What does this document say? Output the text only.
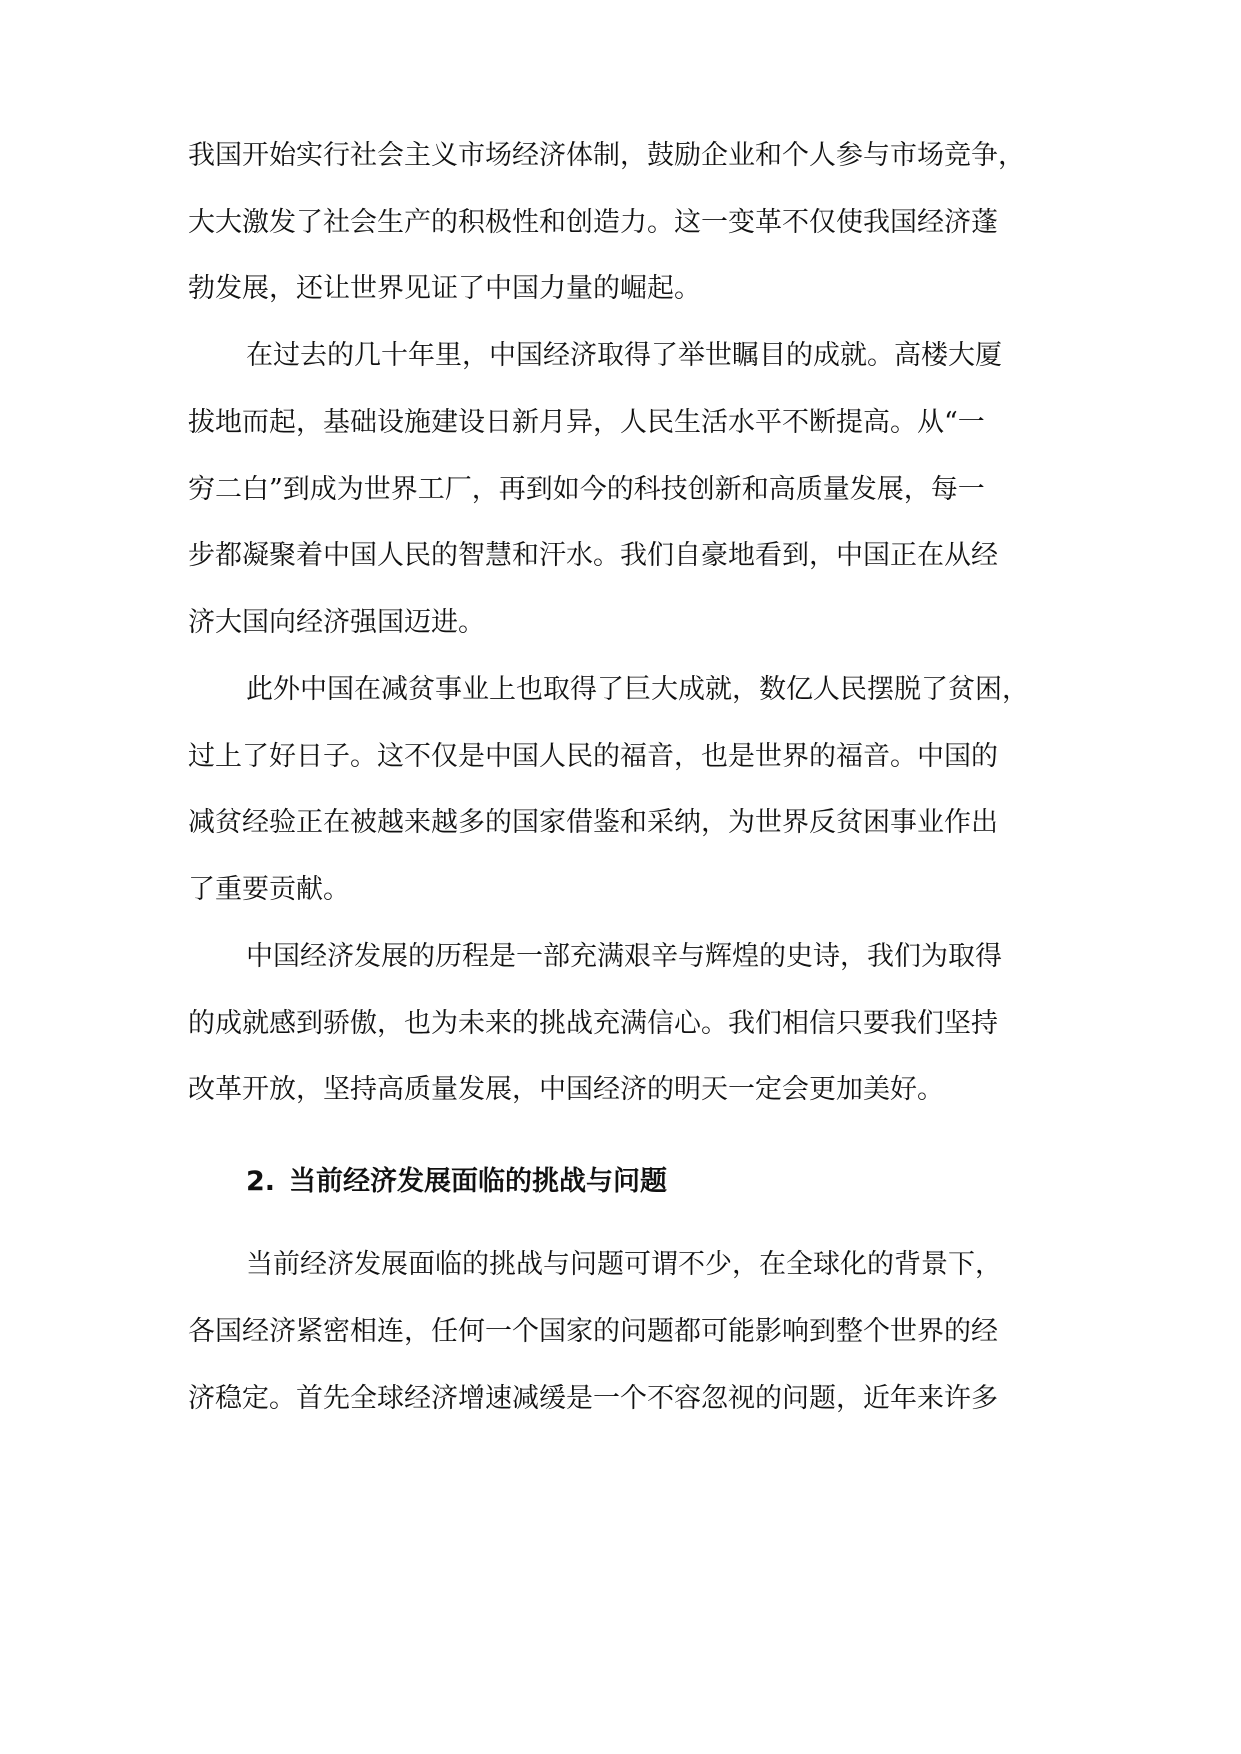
我国开始实行社会主义市场经济体制，鼓励企业和个人参与市场竞争，
大大激发了社会生产的积极性和创造力。这一变革不仅使我国经济蓬
勃发展，还让世界见证了中国力量的崛起。
在过去的几十年里，中国经济取得了举世瞩目的成就。高楼大厦
拔地而起，基础设施建设日新月异，人民生活水平不断提高。从“一
穷二白”到成为世界工厂，再到如今的科技创新和高质量发展，每一
步都凝聚着中国人民的智慧和汗水。我们自豪地看到，中国正在从经
济大国向经济强国迈进。
此外中国在减贫事业上也取得了巨大成就，数亿人民摆脱了贫困，
过上了好日子。这不仅是中国人民的福音，也是世界的福音。中国的
减贫经验正在被越来越多的国家借鉴和采纳，为世界反贫困事业作出
了重要贡献。
中国经济发展的历程是一部充满艰辛与辉煌的史诗，我们为取得
的成就感到骄傲，也为未来的挑战充满信心。我们相信只要我们坚持
改革开放，坚持高质量发展，中国经济的明天一定会更加美好。
2. 当前经济发展面临的挑战与问题
当前经济发展面临的挑战与问题可谓不少，在全球化的背景下，
各国经济紧密相连，任何一个国家的问题都可能影响到整个世界的经
济稳定。首先全球经济增速减缓是一个不容忽视的问题，近年来许多
